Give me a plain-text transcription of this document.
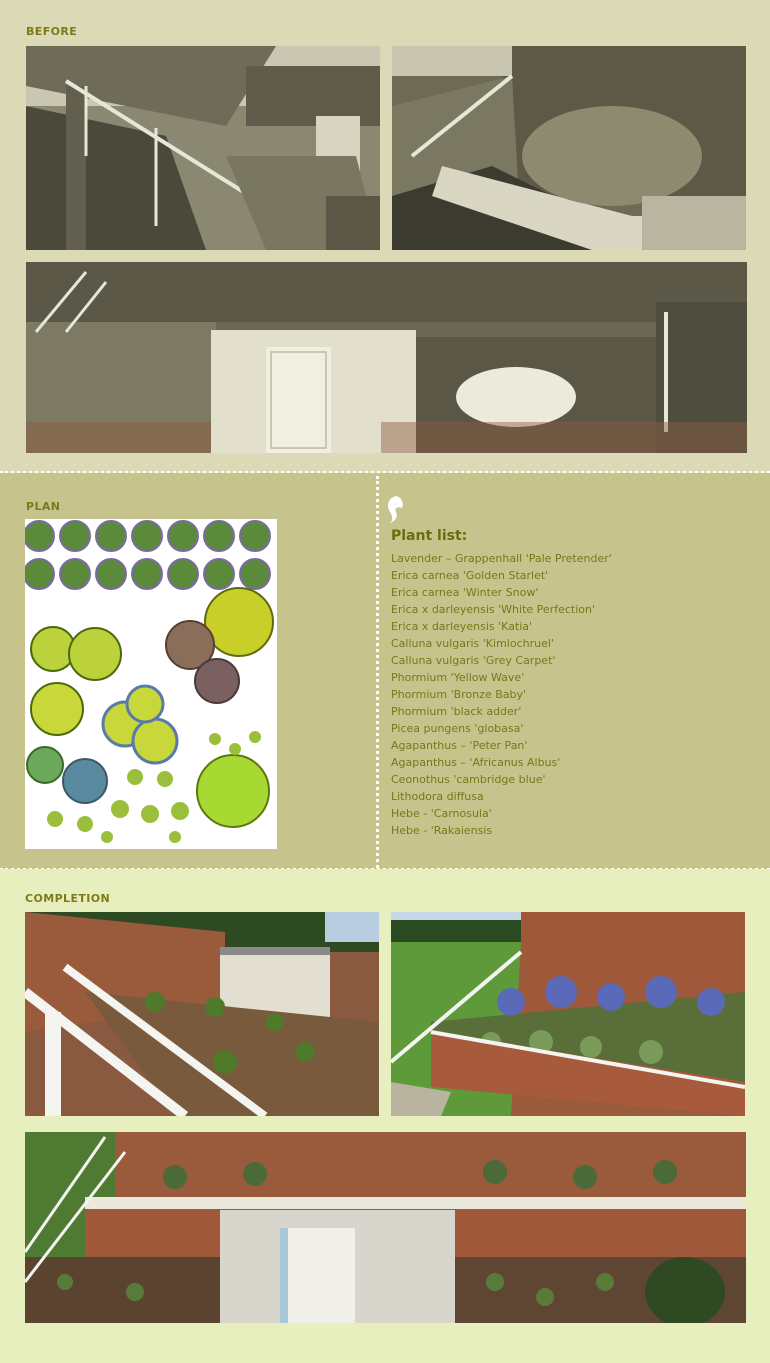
BEFORE
PLAN
Plant list:
Lavender – Grappenhall 'Pale Pretender'
Erica carnea 'Golden Starlet'
Erica carnea 'Winter Snow'
Erica x darleyensis 'White Perfection'
Erica x darleyensis 'Katia'
Calluna vulgaris 'Kimlochruel'
Calluna vulgaris 'Grey Carpet'
Phormium 'Yellow Wave'
Phormium 'Bronze Baby'
Phormium 'black adder'
Picea pungens 'globasa'
Agapanthus – 'Peter Pan'
Agapanthus – 'Africanus Albus'
Ceonothus 'cambridge blue'
Lithodora diffusa
Hebe - 'Carnosula'
Hebe - 'Rakaiensis
COMPLETION
